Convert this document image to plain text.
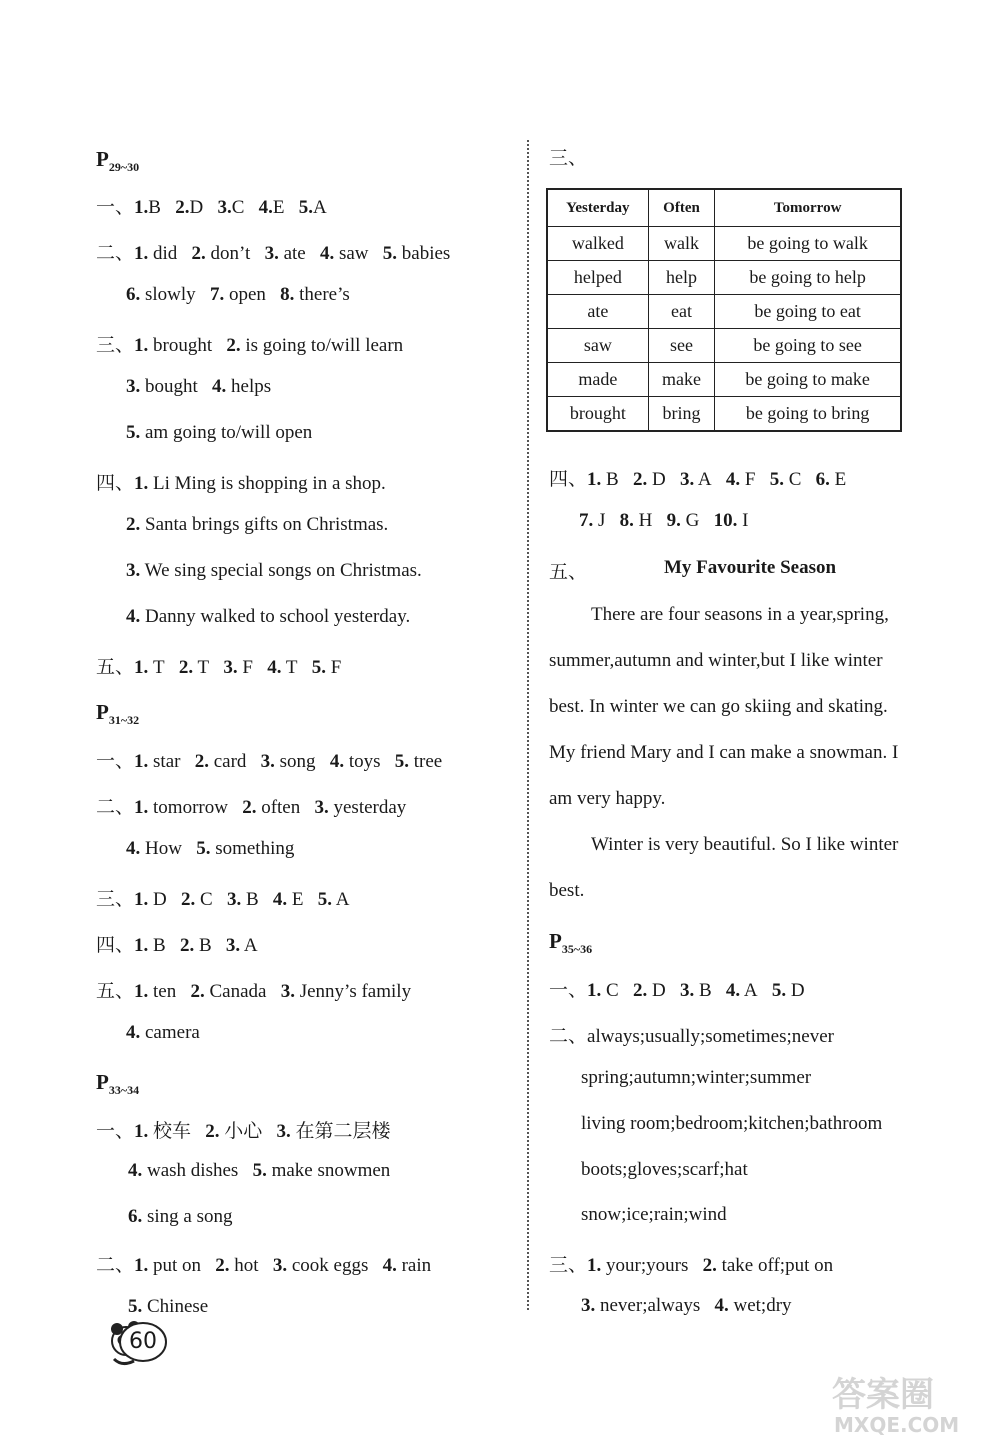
$P_{29\sim 30}$
一、1.B 2.D 3.C 4.E 5.A
二、1. did 2. don’t 3. ate 4. saw 5. babies
6. slowly 7. open 8. there’s
三、1. brought 2. is going to/will learn
3. bought 4. helps
5. am going to/will open
四、1. Li Ming is shopping in a shop.
2. Santa brings gifts on Christmas.
3. We sing special songs on Christmas.
4. Danny walked to school yesterday.
五、1. T 2. T 3. F 4. T 5. F
$P_{31\sim 32}$
一、1. star 2. card 3. song 4. toys 5. tree
二、1. tomorrow 2. often 3. yesterday
4. How 5. something
三、1. D 2. C 3. B 4. E 5. A
四、1. B 2. B 3. A
五、1. ten 2. Canada 3. Jenny’s family
4. camera
$P_{33\sim 34}$
一、1. 校车 2. 小心 3. 在第二层楼
4. wash dishes 5. make snowmen
6. sing a song
二、1. put on 2. hot 3. cook eggs 4. rain
5. Chinese
三、
Yesterday	Often	Tomorrow
walked	walk	be going to walk
helped	help	be going to help
ate	eat	be going to eat
saw	see	be going to see
made	make	be going to make
brought	bring	be going to bring
四、1. B 2. D 3. A 4. F 5. C 6. E
7. J 8. H 9. G 10. I
五、	My Favourite Season
There are four seasons in a year,spring,
summer,autumn and winter,but I like winter
best. In winter we can go skiing and skating.
My friend Mary and I can make a snowman. I
am very happy.
Winter is very beautiful. So I like winter
best.
$P_{35\sim 36}$
一、1. C 2. D 3. B 4. A 5. D
二、always;usually;sometimes;never
spring;autumn;winter;summer
living room;bedroom;kitchen;bathroom
boots;gloves;scarf;hat
snow;ice;rain;wind
三、1. your;yours 2. take off;put on
3. never;always 4. wet;dry
60
答案圈
MXQE.COM
